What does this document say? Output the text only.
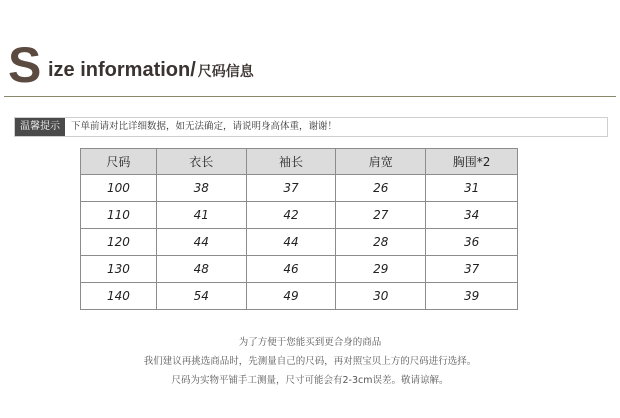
S ize information/ 尺码信息
温馨提示	下单前请对比详细数据，如无法确定，请说明身高体重，谢谢！
尺码	衣长	袖长	肩宽	胸围*2
100	38	37	26	31
110	41	42	27	34
120	44	44	28	36
130	48	46	29	37
140	54	49	30	39
为了方便于您能买到更合身的商品
我们建议再挑选商品时，先测量自己的尺码，再对照宝贝上方的尺码进行选择。
尺码为实物平铺手工测量，尺寸可能会有2-3cm误差。敬请谅解。
